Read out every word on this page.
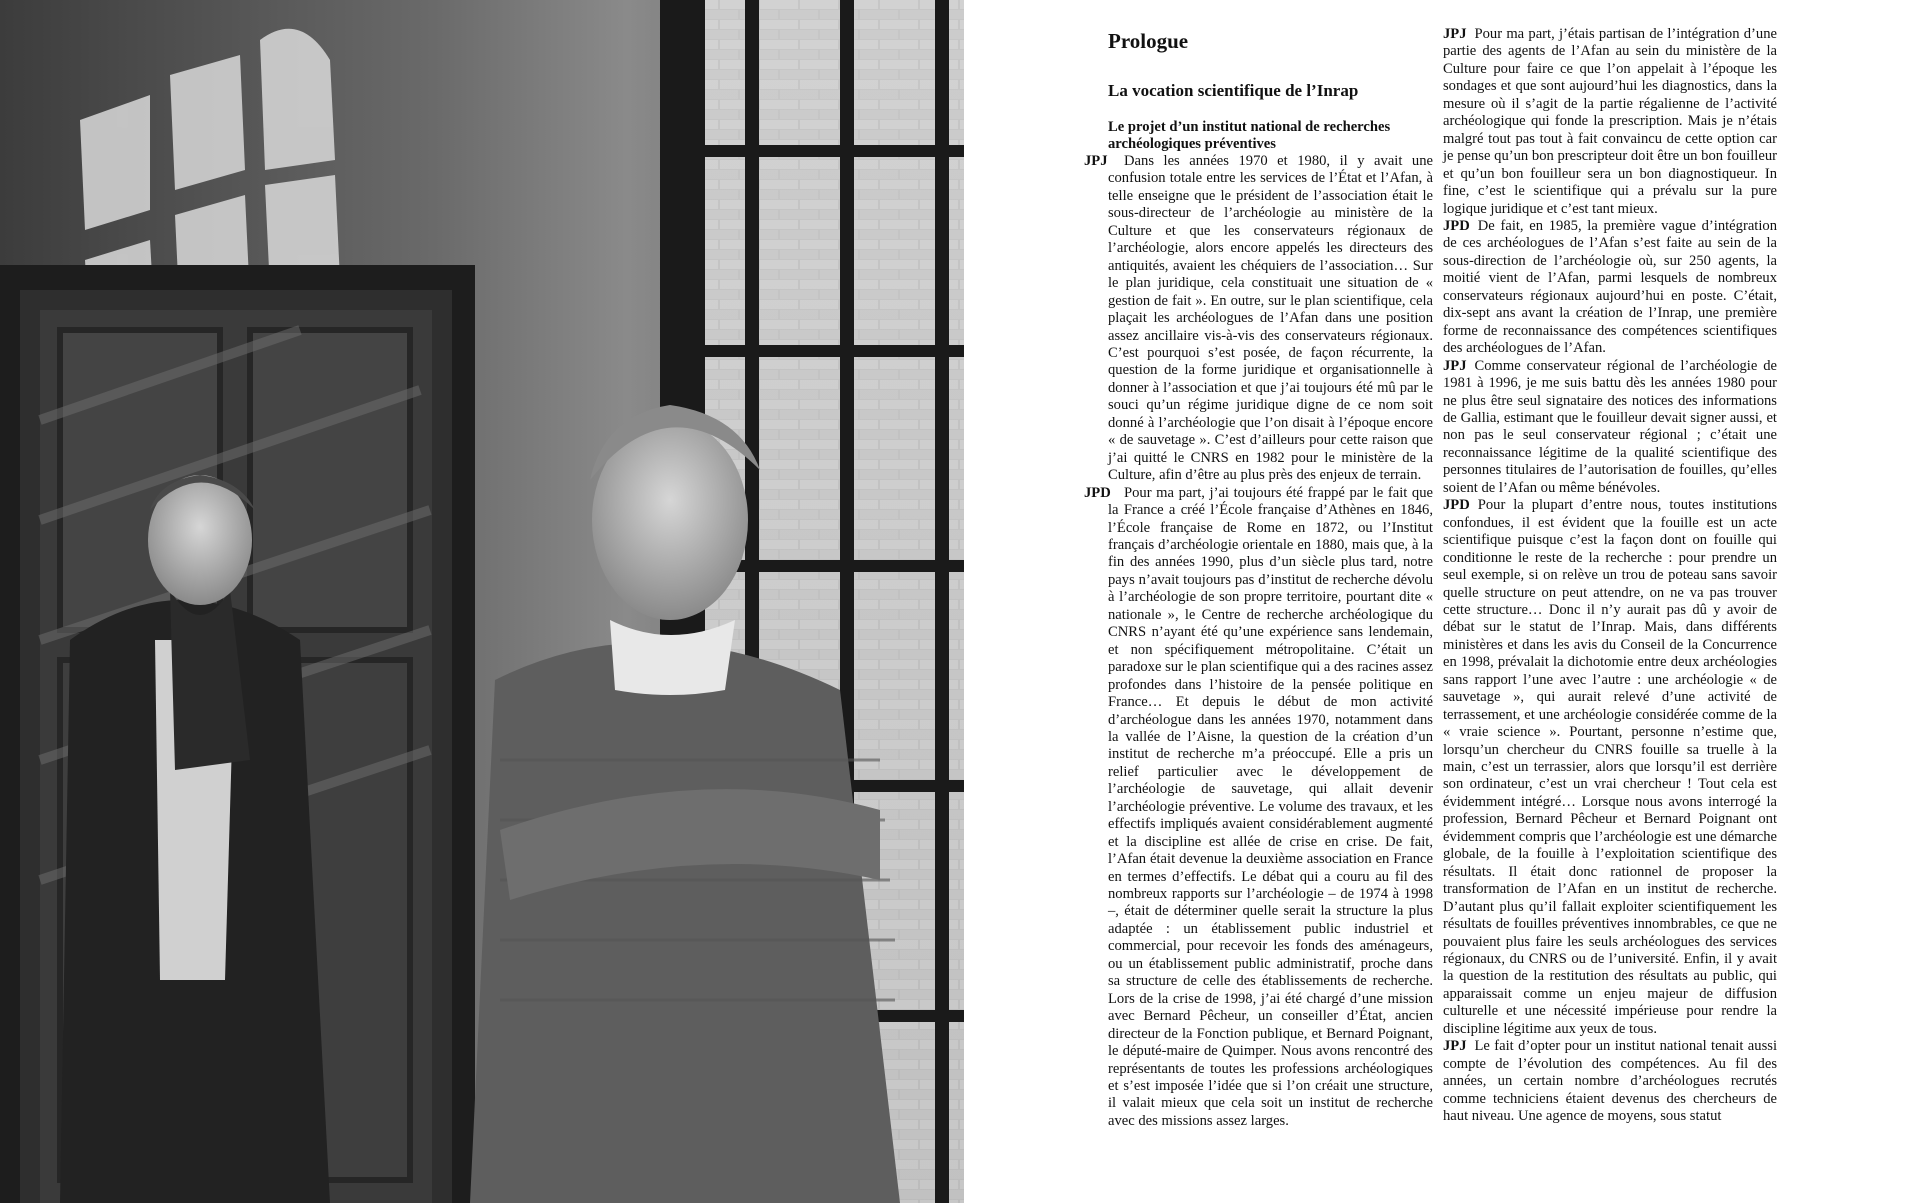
Prologue
La vocation scientifique de l’Inrap
Le projet d’un institut national de recherches archéologiques préventives

JPJ Dans les années 1970 et 1980, il y avait une confusion totale entre les services de l’État et l’Afan, à telle enseigne que le président de l’association était le sous-directeur de l’archéologie au ministère de la Culture et que les conservateurs régionaux de l’archéologie, alors encore appelés les directeurs des antiquités, avaient les chéquiers de l’association… Sur le plan juridique, cela constituait une situation de « gestion de fait ». En outre, sur le plan scientifique, cela plaçait les archéologues de l’Afan dans une position assez ancillaire vis-à-vis des conservateurs régionaux. C’est pourquoi s’est posée, de façon récurrente, la question de la forme juridique et organisationnelle à donner à l’association et que j’ai toujours été mû par le souci qu’un régime juridique digne de ce nom soit donné à l’archéologie que l’on disait à l’époque encore « de sauvetage ». C’est d’ailleurs pour cette raison que j’ai quitté le CNRS en 1982 pour le ministère de la Culture, afin d’être au plus près des enjeux de terrain.

JPD Pour ma part, j’ai toujours été frappé par le fait que la France a créé l’École française d’Athènes en 1846, l’École française de Rome en 1872, ou l’Institut français d’archéologie orientale en 1880, mais que, à la fin des années 1990, plus d’un siècle plus tard, notre pays n’avait toujours pas d’institut de recherche dévolu à l’archéologie de son propre territoire, pourtant dite « nationale », le Centre de recherche archéologique du CNRS n’ayant été qu’une expérience sans lendemain, et non spécifiquement métropolitaine. C’était un paradoxe sur le plan scientifique qui a des racines assez profondes dans l’histoire de la pensée politique en France… Et depuis le début de mon activité d’archéologue dans les années 1970, notamment dans la vallée de l’Aisne, la question de la création d’un institut de recherche m’a préoccupé. Elle a pris un relief particulier avec le développement de l’archéologie de sauvetage, qui allait devenir l’archéologie préventive. Le volume des travaux, et les effectifs impliqués avaient considérablement augmenté et la discipline est allée de crise en crise. De fait, l’Afan était devenue la deuxième association en France en termes d’effectifs. Le débat qui a couru au fil des nombreux rapports sur l’archéologie – de 1974 à 1998 –, était de déterminer quelle serait la structure la plus adaptée : un établissement public industriel et commercial, pour recevoir les fonds des aménageurs, ou un établissement public administratif, proche dans sa structure de celle des établissements de recherche. Lors de la crise de 1998, j’ai été chargé d’une mission avec Bernard Pêcheur, un conseiller d’État, ancien directeur de la Fonction publique, et Bernard Poignant, le député-maire de Quimper. Nous avons rencontré des représentants de toutes les professions archéologiques et s’est imposée l’idée que si l’on créait une structure, il valait mieux que cela soit un institut de recherche avec des missions assez larges.

JPJ Pour ma part, j’étais partisan de l’intégration d’une partie des agents de l’Afan au sein du ministère de la Culture pour faire ce que l’on appelait à l’époque les sondages et que sont aujourd’hui les diagnostics, dans la mesure où il s’agit de la partie régalienne de l’activité archéologique qui fonde la prescription. Mais je n’étais malgré tout pas tout à fait convaincu de cette option car je pense qu’un bon prescripteur doit être un bon fouilleur et qu’un bon fouilleur sera un bon diagnostiqueur. In fine, c’est le scientifique qui a prévalu sur la pure logique juridique et c’est tant mieux.

JPD De fait, en 1985, la première vague d’intégration de ces archéologues de l’Afan s’est faite au sein de la sous-direction de l’archéologie où, sur 250 agents, la moitié vient de l’Afan, parmi lesquels de nombreux conservateurs régionaux aujourd’hui en poste. C’était, dix-sept ans avant la création de l’Inrap, une première forme de reconnaissance des compétences scientifiques des archéologues de l’Afan.

JPJ Comme conservateur régional de l’archéologie de 1981 à 1996, je me suis battu dès les années 1980 pour ne plus être seul signataire des notices des informations de Gallia, estimant que le fouilleur devait signer aussi, et non pas le seul conservateur régional ; c’était une reconnaissance légitime de la qualité scientifique des personnes titulaires de l’autorisation de fouilles, qu’elles soient de l’Afan ou même bénévoles.

JPD Pour la plupart d’entre nous, toutes institutions confondues, il est évident que la fouille est un acte scientifique puisque c’est la façon dont on fouille qui conditionne le reste de la recherche : pour prendre un seul exemple, si on relève un trou de poteau sans savoir quelle structure on peut attendre, on ne va pas trouver cette structure… Donc il n’y aurait pas dû y avoir de débat sur le statut de l’Inrap. Mais, dans différents ministères et dans les avis du Conseil de la Concurrence en 1998, prévalait la dichotomie entre deux archéologies sans rapport l’une avec l’autre : une archéologie « de sauvetage », qui aurait relevé d’une activité de terrassement, et une archéologie considérée comme de la « vraie science ». Pourtant, personne n’estime que, lorsqu’un chercheur du CNRS fouille sa truelle à la main, c’est un terrassier, alors que lorsqu’il est derrière son ordinateur, c’est un vrai chercheur ! Tout cela est évidemment intégré… Lorsque nous avons interrogé la profession, Bernard Pêcheur et Bernard Poignant ont évidemment compris que l’archéologie est une démarche globale, de la fouille à l’exploitation scientifique des résultats. Il était donc rationnel de proposer la transformation de l’Afan en un institut de recherche. D’autant plus qu’il fallait exploiter scientifiquement les résultats de fouilles préventives innombrables, ce que ne pouvaient plus faire les seuls archéologues des services régionaux, du CNRS ou de l’université. Enfin, il y avait la question de la restitution des résultats au public, qui apparaissait comme un enjeu majeur de diffusion culturelle et une nécessité impérieuse pour rendre la discipline légitime aux yeux de tous.

JPJ Le fait d’opter pour un institut national tenait aussi compte de l’évolution des compétences. Au fil des années, un certain nombre d’archéologues recrutés comme techniciens étaient devenus des chercheurs de haut niveau. Une agence de moyens, sous statut
